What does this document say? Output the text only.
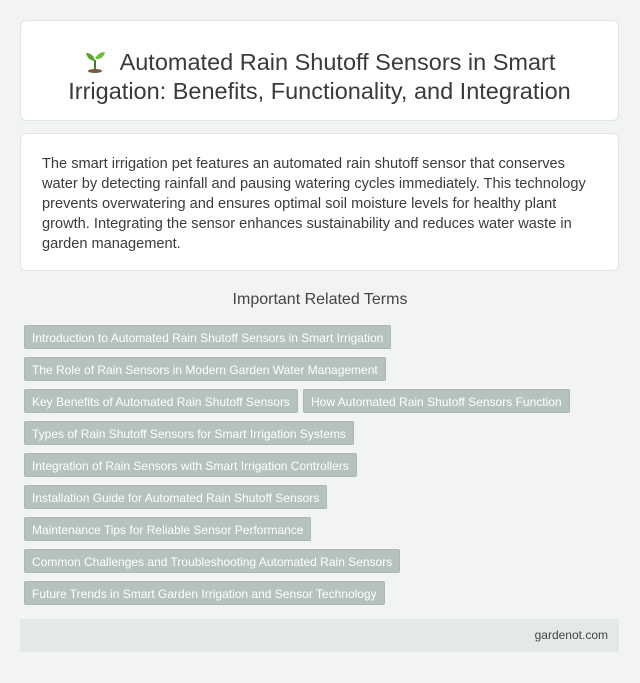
Automated Rain Shutoff Sensors in Smart Irrigation: Benefits, Functionality, and Integration

The smart irrigation pet features an automated rain shutoff sensor that conserves water by detecting rainfall and pausing watering cycles immediately. This technology prevents overwatering and ensures optimal soil moisture levels for healthy plant growth. Integrating the sensor enhances sustainability and reduces water waste in garden management.

Important Related Terms
Introduction to Automated Rain Shutoff Sensors in Smart Irrigation
The Role of Rain Sensors in Modern Garden Water Management
Key Benefits of Automated Rain Shutoff Sensors	How Automated Rain Shutoff Sensors Function
Types of Rain Shutoff Sensors for Smart Irrigation Systems
Integration of Rain Sensors with Smart Irrigation Controllers
Installation Guide for Automated Rain Shutoff Sensors
Maintenance Tips for Reliable Sensor Performance
Common Challenges and Troubleshooting Automated Rain Sensors
Future Trends in Smart Garden Irrigation and Sensor Technology
gardenot.com
